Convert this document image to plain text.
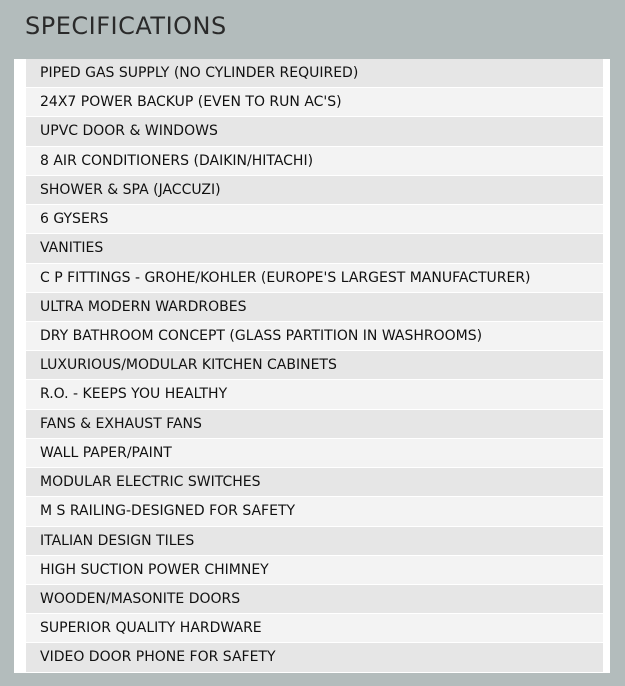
SPECIFICATIONS
PIPED GAS SUPPLY (NO CYLINDER REQUIRED)
24X7 POWER BACKUP (EVEN TO RUN AC'S)
UPVC DOOR & WINDOWS
8 AIR CONDITIONERS (DAIKIN/HITACHI)
SHOWER & SPA (JACCUZI)
6 GYSERS
VANITIES
C P FITTINGS - GROHE/KOHLER (EUROPE'S LARGEST MANUFACTURER)
ULTRA MODERN WARDROBES
DRY BATHROOM CONCEPT (GLASS PARTITION IN WASHROOMS)
LUXURIOUS/MODULAR KITCHEN CABINETS
R.O. - KEEPS YOU HEALTHY
FANS & EXHAUST FANS
WALL PAPER/PAINT
MODULAR ELECTRIC SWITCHES
M S RAILING-DESIGNED FOR SAFETY
ITALIAN DESIGN TILES
HIGH SUCTION POWER CHIMNEY
WOODEN/MASONITE DOORS
SUPERIOR QUALITY HARDWARE
VIDEO DOOR PHONE FOR SAFETY
